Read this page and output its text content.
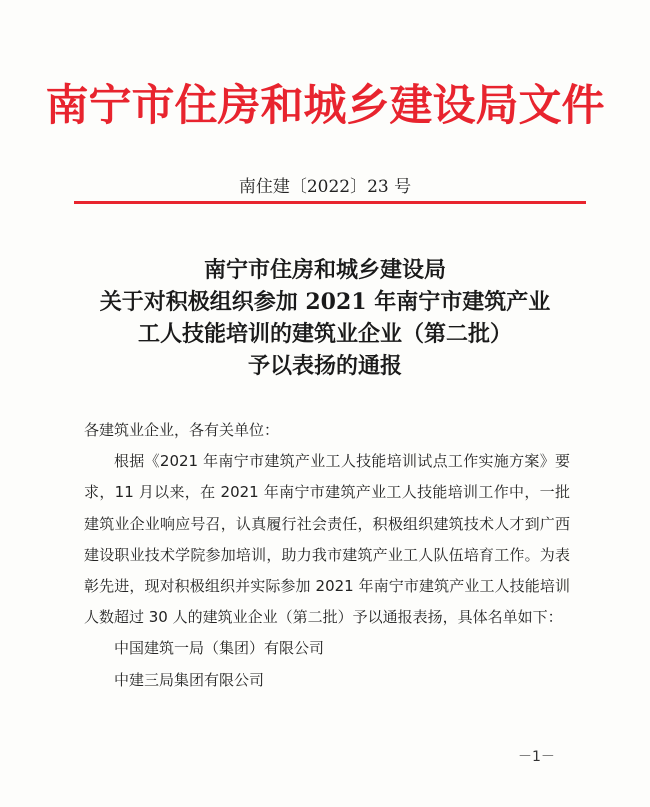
南宁市住房和城乡建设局文件
南住建〔2022〕23 号
南宁市住房和城乡建设局
关于对积极组织参加 2021 年南宁市建筑产业
工人技能培训的建筑业企业（第二批）
予以表扬的通报
各建筑业企业，各有关单位：
根据《2021 年南宁市建筑产业工人技能培训试点工作实施方案》要求，11 月以来，在 2021 年南宁市建筑产业工人技能培训工作中，一批建筑业企业响应号召，认真履行社会责任，积极组织建筑技术人才到广西建设职业技术学院参加培训，助力我市建筑产业工人队伍培育工作。为表彰先进，现对积极组织并实际参加 2021 年南宁市建筑产业工人技能培训人数超过 30 人的建筑业企业（第二批）予以通报表扬，具体名单如下：
中国建筑一局（集团）有限公司
中建三局集团有限公司
－1－
